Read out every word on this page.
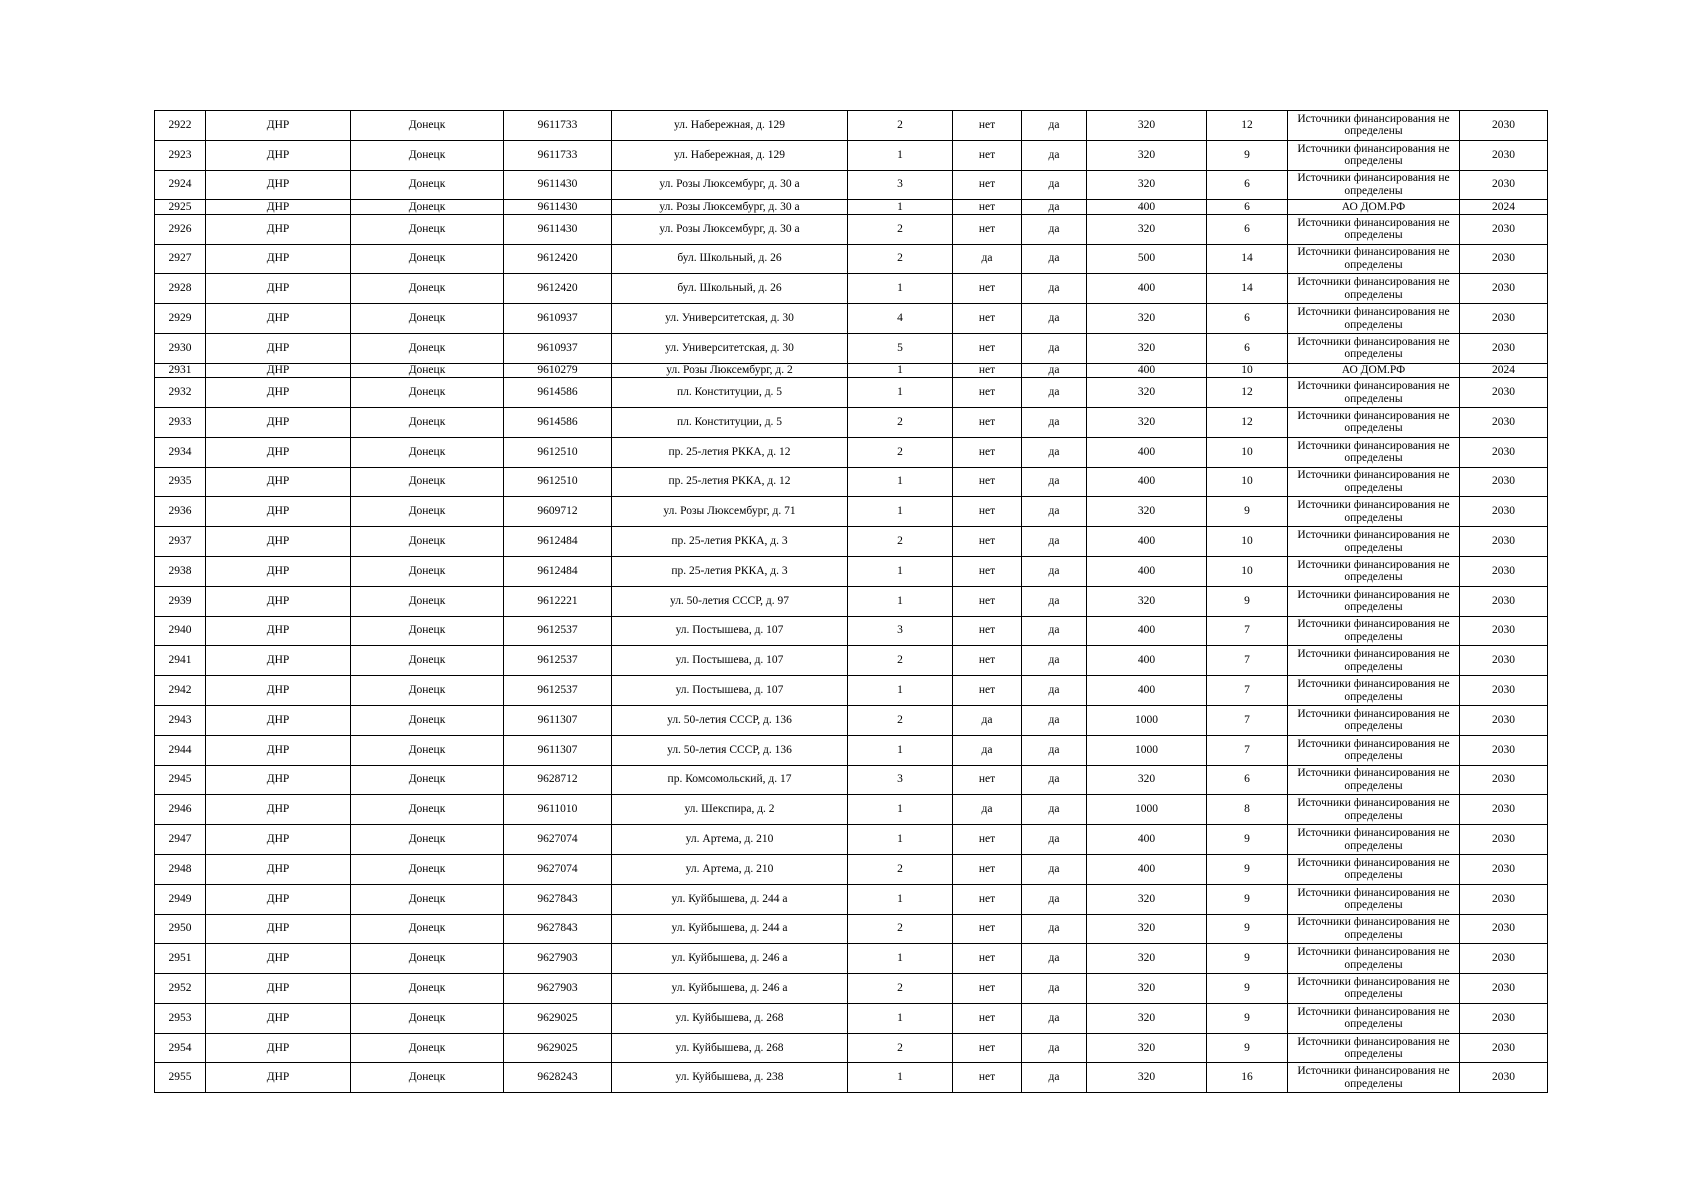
2922	ДНР	Донецк	9611733	ул. Набережная, д. 129	2	нет	да	320	12	Источники финансирования не определены	2030
2923	ДНР	Донецк	9611733	ул. Набережная, д. 129	1	нет	да	320	9	Источники финансирования не определены	2030
2924	ДНР	Донецк	9611430	ул. Розы Люксембург, д. 30 а	3	нет	да	320	6	Источники финансирования не определены	2030
2925	ДНР	Донецк	9611430	ул. Розы Люксембург, д. 30 а	1	нет	да	400	6	АО ДОМ.РФ	2024
2926	ДНР	Донецк	9611430	ул. Розы Люксембург, д. 30 а	2	нет	да	320	6	Источники финансирования не определены	2030
2927	ДНР	Донецк	9612420	бул. Школьный, д. 26	2	да	да	500	14	Источники финансирования не определены	2030
2928	ДНР	Донецк	9612420	бул. Школьный, д. 26	1	нет	да	400	14	Источники финансирования не определены	2030
2929	ДНР	Донецк	9610937	ул. Университетская, д. 30	4	нет	да	320	6	Источники финансирования не определены	2030
2930	ДНР	Донецк	9610937	ул. Университетская, д. 30	5	нет	да	320	6	Источники финансирования не определены	2030
2931	ДНР	Донецк	9610279	ул. Розы Люксембург, д. 2	1	нет	да	400	10	АО ДОМ.РФ	2024
2932	ДНР	Донецк	9614586	пл. Конституции, д. 5	1	нет	да	320	12	Источники финансирования не определены	2030
2933	ДНР	Донецк	9614586	пл. Конституции, д. 5	2	нет	да	320	12	Источники финансирования не определены	2030
2934	ДНР	Донецк	9612510	пр. 25-летия РККА, д. 12	2	нет	да	400	10	Источники финансирования не определены	2030
2935	ДНР	Донецк	9612510	пр. 25-летия РККА, д. 12	1	нет	да	400	10	Источники финансирования не определены	2030
2936	ДНР	Донецк	9609712	ул. Розы Люксембург, д. 71	1	нет	да	320	9	Источники финансирования не определены	2030
2937	ДНР	Донецк	9612484	пр. 25-летия РККА, д. 3	2	нет	да	400	10	Источники финансирования не определены	2030
2938	ДНР	Донецк	9612484	пр. 25-летия РККА, д. 3	1	нет	да	400	10	Источники финансирования не определены	2030
2939	ДНР	Донецк	9612221	ул. 50-летия СССР, д. 97	1	нет	да	320	9	Источники финансирования не определены	2030
2940	ДНР	Донецк	9612537	ул. Постышева, д. 107	3	нет	да	400	7	Источники финансирования не определены	2030
2941	ДНР	Донецк	9612537	ул. Постышева, д. 107	2	нет	да	400	7	Источники финансирования не определены	2030
2942	ДНР	Донецк	9612537	ул. Постышева, д. 107	1	нет	да	400	7	Источники финансирования не определены	2030
2943	ДНР	Донецк	9611307	ул. 50-летия СССР, д. 136	2	да	да	1000	7	Источники финансирования не определены	2030
2944	ДНР	Донецк	9611307	ул. 50-летия СССР, д. 136	1	да	да	1000	7	Источники финансирования не определены	2030
2945	ДНР	Донецк	9628712	пр. Комсомольский, д. 17	3	нет	да	320	6	Источники финансирования не определены	2030
2946	ДНР	Донецк	9611010	ул. Шекспира, д. 2	1	да	да	1000	8	Источники финансирования не определены	2030
2947	ДНР	Донецк	9627074	ул. Артема, д. 210	1	нет	да	400	9	Источники финансирования не определены	2030
2948	ДНР	Донецк	9627074	ул. Артема, д. 210	2	нет	да	400	9	Источники финансирования не определены	2030
2949	ДНР	Донецк	9627843	ул. Куйбышева, д. 244 а	1	нет	да	320	9	Источники финансирования не определены	2030
2950	ДНР	Донецк	9627843	ул. Куйбышева, д. 244 а	2	нет	да	320	9	Источники финансирования не определены	2030
2951	ДНР	Донецк	9627903	ул. Куйбышева, д. 246 а	1	нет	да	320	9	Источники финансирования не определены	2030
2952	ДНР	Донецк	9627903	ул. Куйбышева, д. 246 а	2	нет	да	320	9	Источники финансирования не определены	2030
2953	ДНР	Донецк	9629025	ул. Куйбышева, д. 268	1	нет	да	320	9	Источники финансирования не определены	2030
2954	ДНР	Донецк	9629025	ул. Куйбышева, д. 268	2	нет	да	320	9	Источники финансирования не определены	2030
2955	ДНР	Донецк	9628243	ул. Куйбышева, д. 238	1	нет	да	320	16	Источники финансирования не определены	2030
